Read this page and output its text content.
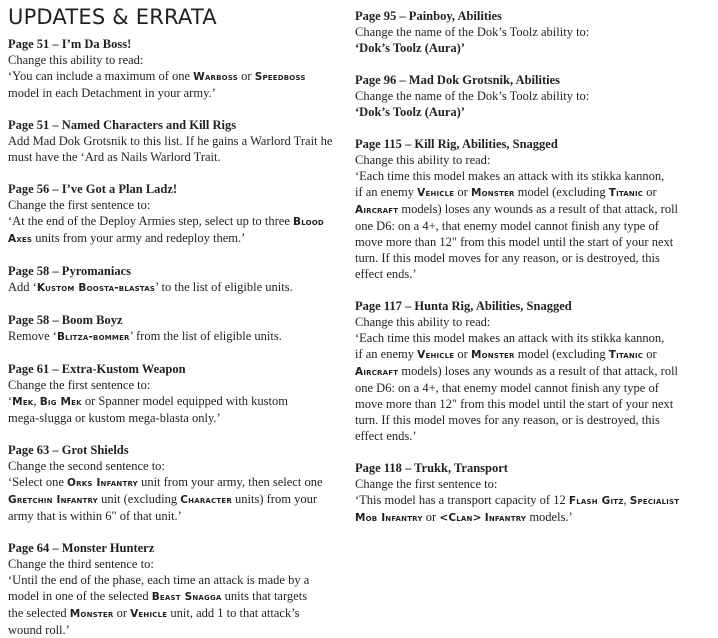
UPDATES & ERRATA

Page 51 – I’m Da Boss!

Change this ability to read:

‘You can include a maximum of one Warboss or Speedboss

model in each Detachment in your army.’

Page 51 – Named Characters and Kill Rigs

Add Mad Dok Grotsnik to this list. If he gains a Warlord Trait he

must have the ‘Ard as Nails Warlord Trait.

Page 56 – I’ve Got a Plan Ladz!

Change the first sentence to:

‘At the end of the Deploy Armies step, select up to three Blood

Axes units from your army and redeploy them.’

Page 58 – Pyromaniacs

Add ‘Kustom Boosta-blastas’ to the list of eligible units.

Page 58 – Boom Boyz

Remove ‘Blitza-bommer’ from the list of eligible units.

Page 61 – Extra-Kustom Weapon

Change the first sentence to:

‘Mek, Big Mek or Spanner model equipped with kustom

mega-slugga or kustom mega-blasta only.’

Page 63 – Grot Shields

Change the second sentence to:

‘Select one Orks Infantry unit from your army, then select one

Gretchin Infantry unit (excluding Character units) from your

army that is within 6" of that unit.’

Page 64 – Monster Hunterz

Change the third sentence to:

‘Until the end of the phase, each time an attack is made by a

model in one of the selected Beast Snagga units that targets

the selected Monster or Vehicle unit, add 1 to that attack’s

wound roll.’

Page 95 – Painboy, Abilities

Change the name of the Dok’s Toolz ability to:

‘Dok’s Toolz (Aura)’

Page 96 – Mad Dok Grotsnik, Abilities

Change the name of the Dok’s Toolz ability to:

‘Dok’s Toolz (Aura)’

Page 115 – Kill Rig, Abilities, Snagged

Change this ability to read:

‘Each time this model makes an attack with its stikka kannon,

if an enemy Vehicle or Monster model (excluding Titanic or

Aircraft models) loses any wounds as a result of that attack, roll

one D6: on a 4+, that enemy model cannot finish any type of

move more than 12" from this model until the start of your next

turn. If this model moves for any reason, or is destroyed, this

effect ends.’

Page 117 – Hunta Rig, Abilities, Snagged

Change this ability to read:

‘Each time this model makes an attack with its stikka kannon,

if an enemy Vehicle or Monster model (excluding Titanic or

Aircraft models) loses any wounds as a result of that attack, roll

one D6: on a 4+, that enemy model cannot finish any type of

move more than 12" from this model until the start of your next

turn. If this model moves for any reason, or is destroyed, this

effect ends.’

Page 118 – Trukk, Transport

Change the first sentence to:

‘This model has a transport capacity of 12 Flash Gitz, Specialist

Mob Infantry or <Clan> Infantry models.’
